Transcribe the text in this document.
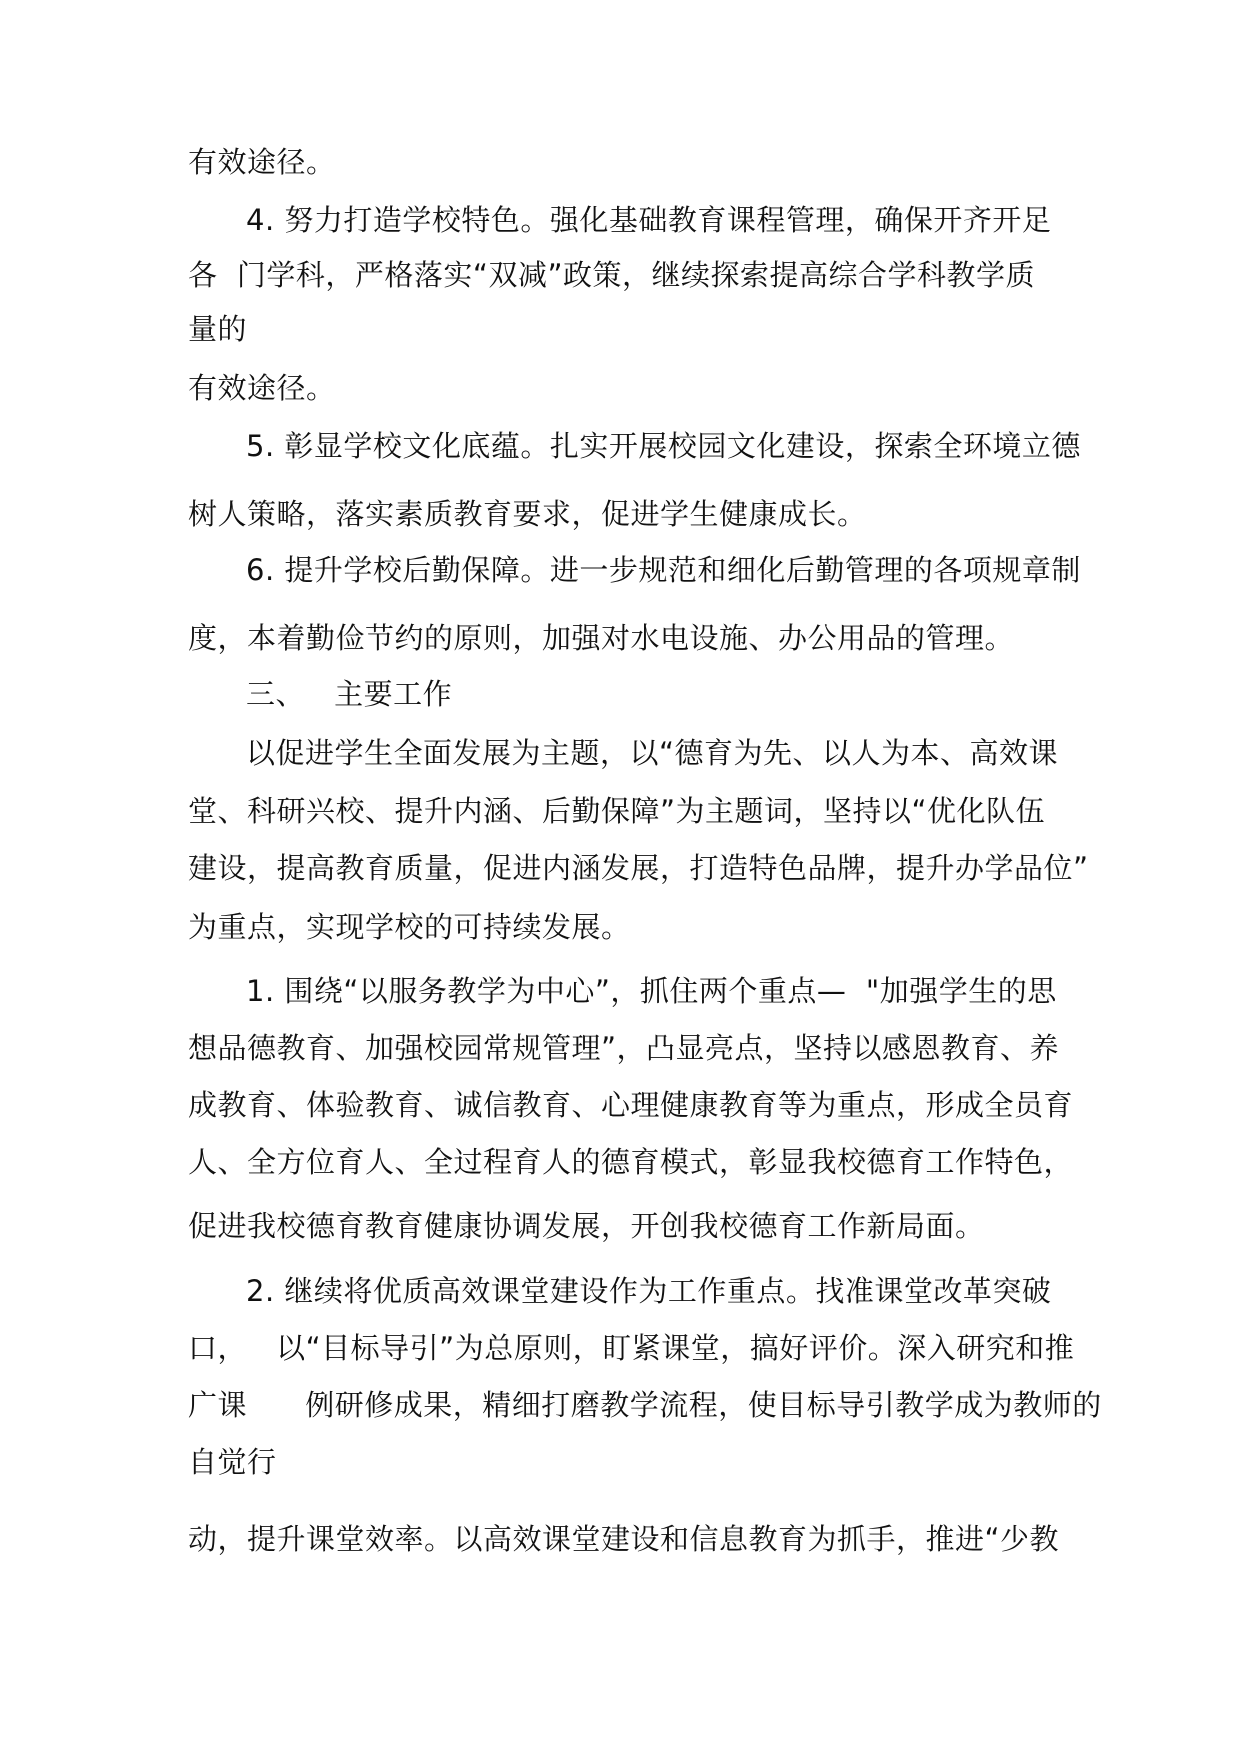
有效途径。
4. 努力打造学校特色。强化基础教育课程管理，确保开齐开足
各  门学科，严格落实“双减”政策，继续探索提高综合学科教学质
量的
有效途径。
5. 彰显学校文化底蕴。扎实开展校园文化建设，探索全环境立德
树人策略，落实素质教育要求，促进学生健康成长。
6. 提升学校后勤保障。进一步规范和细化后勤管理的各项规章制
度，本着勤俭节约的原则，加强对水电设施、办公用品的管理。
三、   主要工作
以促进学生全面发展为主题，以“德育为先、以人为本、高效课
堂、科研兴校、提升内涵、后勤保障”为主题词，坚持以“优化队伍
建设，提高教育质量，促进内涵发展，打造特色品牌，提升办学品位”
为重点，实现学校的可持续发展。
1. 围绕“以服务教学为中心”，抓住两个重点—  "加强学生的思
想品德教育、加强校园常规管理”，凸显亮点，坚持以感恩教育、养
成教育、体验教育、诚信教育、心理健康教育等为重点，形成全员育
人、全方位育人、全过程育人的德育模式，彰显我校德育工作特色，
促进我校德育教育健康协调发展，开创我校德育工作新局面。
2. 继续将优质高效课堂建设作为工作重点。找准课堂改革突破
口，   以“目标导引”为总原则，盯紧课堂，搞好评价。深入研究和推
广课      例研修成果，精细打磨教学流程，使目标导引教学成为教师的
自觉行
动，提升课堂效率。以高效课堂建设和信息教育为抓手，推进“少教
